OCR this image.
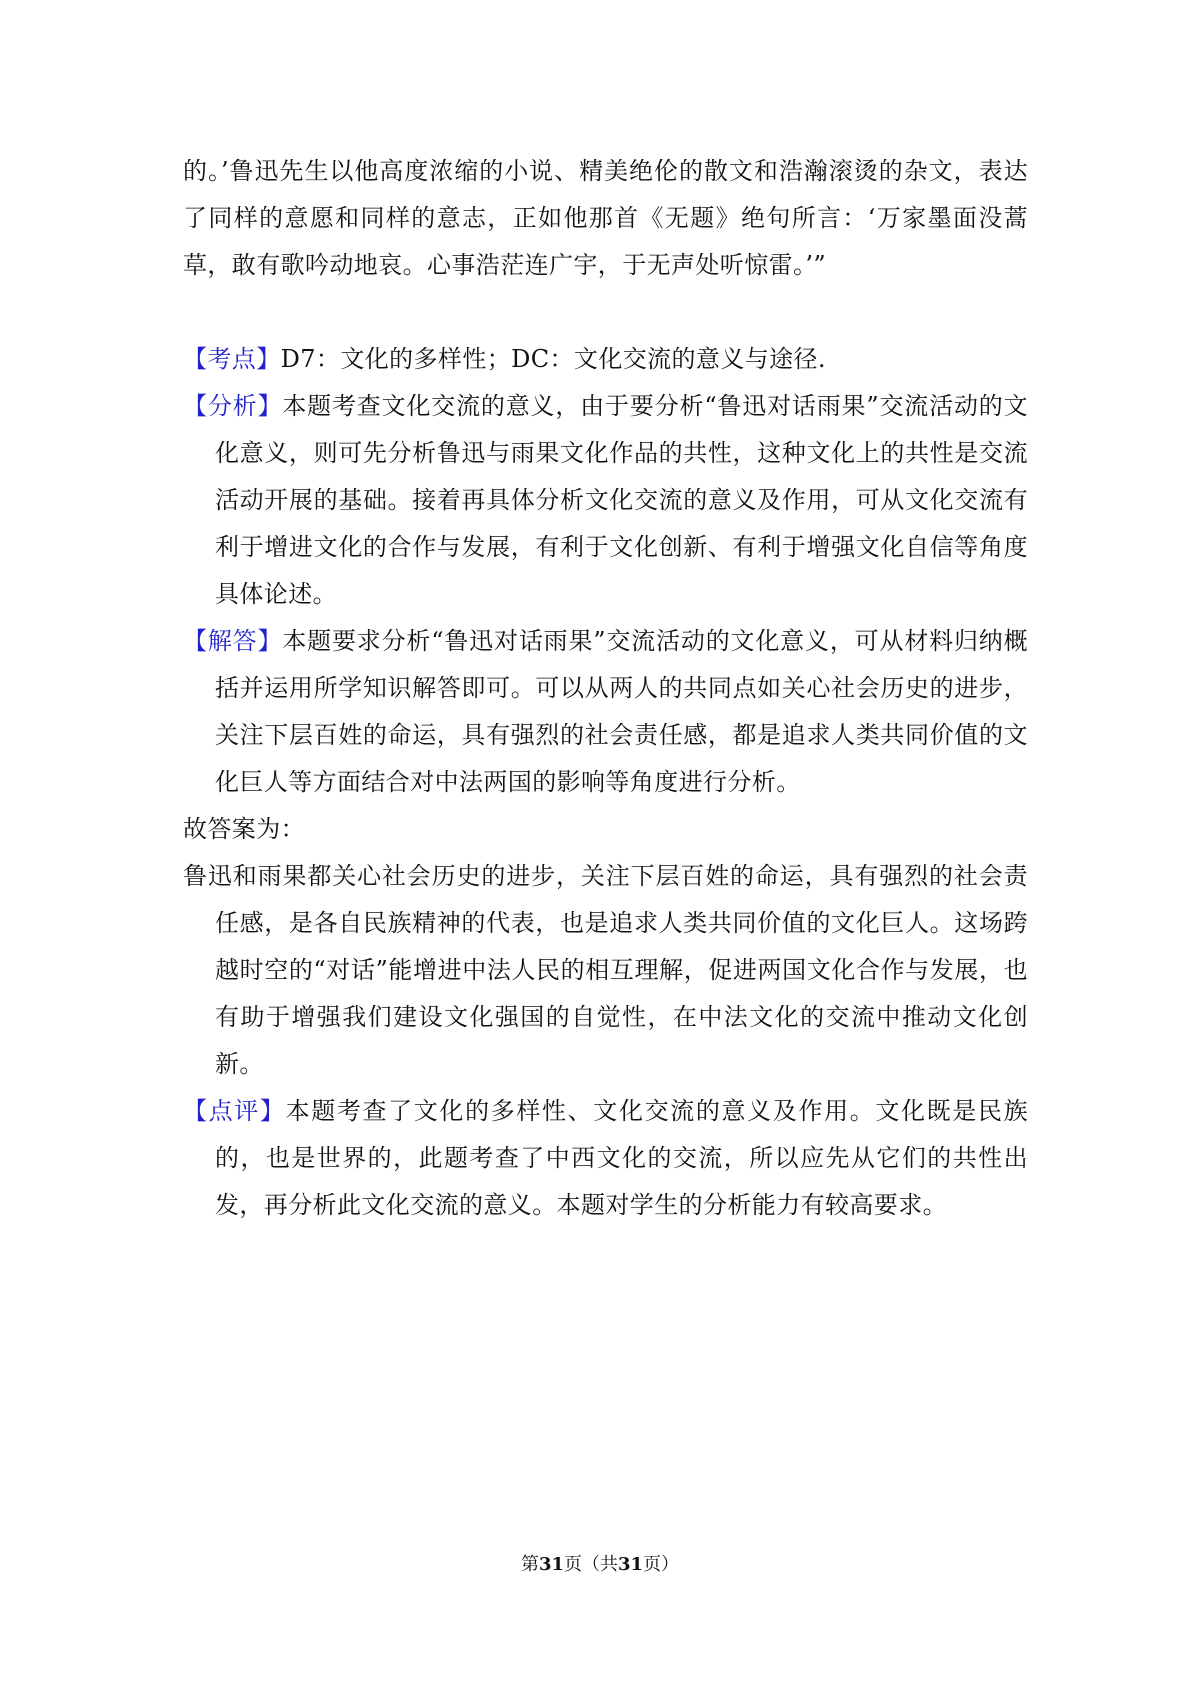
的。’鲁迅先生以他高度浓缩的小说、精美绝伦的散文和浩瀚滚烫的杂文，表达了同样的意愿和同样的意志，正如他那首《无题》绝句所言：‘万家墨面没蒿草，敢有歌吟动地哀。心事浩茫连广宇，于无声处听惊雷。’”

【考点】D7：文化的多样性；DC：文化交流的意义与途径.

【分析】本题考查文化交流的意义，由于要分析“鲁迅对话雨果”交流活动的文化意义，则可先分析鲁迅与雨果文化作品的共性，这种文化上的共性是交流活动开展的基础。接着再具体分析文化交流的意义及作用，可从文化交流有利于增进文化的合作与发展，有利于文化创新、有利于增强文化自信等角度具体论述。

【解答】本题要求分析“鲁迅对话雨果”交流活动的文化意义，可从材料归纳概括并运用所学知识解答即可。可以从两人的共同点如关心社会历史的进步，关注下层百姓的命运，具有强烈的社会责任感，都是追求人类共同价值的文化巨人等方面结合对中法两国的影响等角度进行分析。

故答案为：

鲁迅和雨果都关心社会历史的进步，关注下层百姓的命运，具有强烈的社会责任感，是各自民族精神的代表，也是追求人类共同价值的文化巨人。这场跨越时空的“对话”能增进中法人民的相互理解，促进两国文化合作与发展，也有助于增强我们建设文化强国的自觉性，在中法文化的交流中推动文化创新。

【点评】本题考查了文化的多样性、文化交流的意义及作用。文化既是民族的，也是世界的，此题考查了中西文化的交流，所以应先从它们的共性出发，再分析此文化交流的意义。本题对学生的分析能力有较高要求。

第31页（共31页）
